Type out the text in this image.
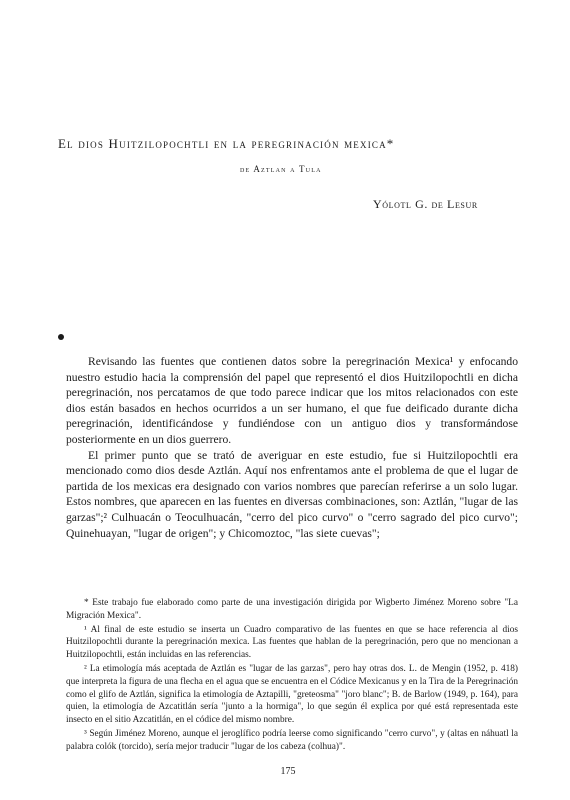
El dios Huitzilopochtli en la peregrinación mexica*
de Aztlan a Tula
Yólotl G. de Lesur

Revisando las fuentes que contienen datos sobre la peregrinación Mexica¹ y enfocando nuestro estudio hacia la comprensión del papel que representó el dios Huitzilopochtli en dicha peregrinación, nos percatamos de que todo parece indicar que los mitos relacionados con este dios están basados en hechos ocurridos a un ser humano, el que fue deificado durante dicha peregrinación, identificándose y fundiéndose con un antiguo dios y transformándose posteriormente en un dios guerrero.

El primer punto que se trató de averiguar en este estudio, fue si Huitzilopochtli era mencionado como dios desde Aztlán. Aquí nos enfrentamos ante el problema de que el lugar de partida de los mexicas era designado con varios nombres que parecían referirse a un solo lugar. Estos nombres, que aparecen en las fuentes en diversas combinaciones, son: Aztlán, "lugar de las garzas";² Culhuacán o Teoculhuacán, "cerro del pico curvo" o "cerro sagrado del pico curvo"; Quinehuayan, "lugar de origen"; y Chicomoztoc, "las siete cuevas";

* Este trabajo fue elaborado como parte de una investigación dirigida por Wigberto Jiménez Moreno sobre "La Migración Mexica".

¹ Al final de este estudio se inserta un Cuadro comparativo de las fuentes en que se hace referencia al dios Huitzilopochtli durante la peregrinación mexica. Las fuentes que hablan de la peregrinación, pero que no mencionan a Huitzilopochtli, están incluidas en las referencias.

² La etimología más aceptada de Aztlán es "lugar de las garzas", pero hay otras dos. L. de Mengin (1952, p. 418) que interpreta la figura de una flecha en el agua que se encuentra en el Códice Mexicanus y en la Tira de la Peregrinación como el glifo de Aztlán, significa la etimología de Aztapilli, "greteosma" "joro blanc"; B. de Barlow (1949, p. 164), para quien, la etimología de Azcatitlán sería "junto a la hormiga", lo que según él explica por qué está representada este insecto en el sitio Azcatitlán, en el códice del mismo nombre.

³ Según Jiménez Moreno, aunque el jeroglífico podría leerse como significando "cerro curvo", y (altas en náhuatl la palabra colók (torcido), sería mejor traducir "lugar de los cabeza (colhua)".

175
